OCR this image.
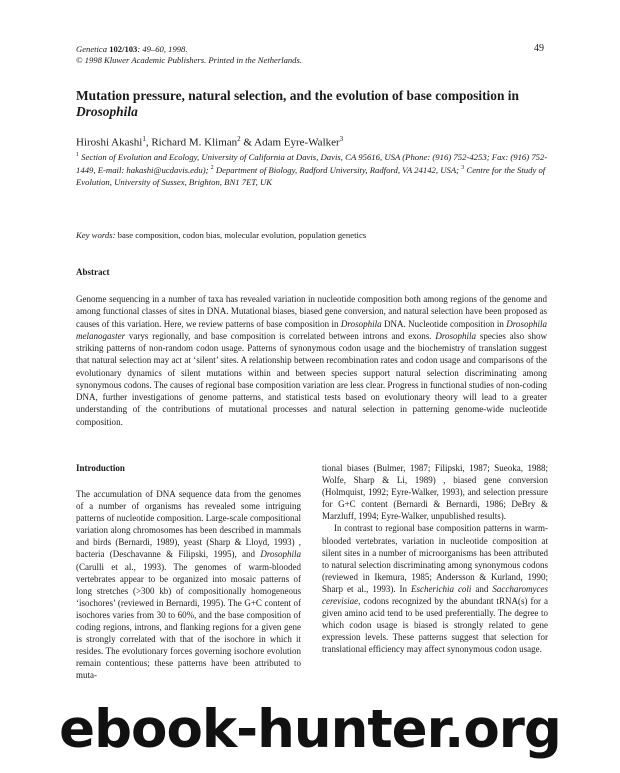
Genetica 102/103: 49–60, 1998.
© 1998 Kluwer Academic Publishers. Printed in the Netherlands.
49
Mutation pressure, natural selection, and the evolution of base composition in Drosophila
Hiroshi Akashi$^1$, Richard M. Kliman$^2$ & Adam Eyre-Walker$^3$
$^1$ Section of Evolution and Ecology, University of California at Davis, Davis, CA 95616, USA (Phone: (916) 752-4253; Fax: (916) 752-1449, E-mail: hakashi@ucdavis.edu); $^2$ Department of Biology, Radford University, Radford, VA 24142, USA; $^3$ Centre for the Study of Evolution, University of Sussex, Brighton, BN1 7ET, UK
Key words: base composition, codon bias, molecular evolution, population genetics
Abstract

Genome sequencing in a number of taxa has revealed variation in nucleotide composition both among regions of the genome and among functional classes of sites in DNA. Mutational biases, biased gene conversion, and natural selection have been proposed as causes of this variation. Here, we review patterns of base composition in Drosophila DNA. Nucleotide composition in Drosophila melanogaster varys regionally, and base composition is correlated between introns and exons. Drosophila species also show striking patterns of non-random codon usage. Patterns of synonymous codon usage and the biochemistry of translation suggest that natural selection may act at ‘silent’ sites. A relationship between recombination rates and codon usage and comparisons of the evolutionary dynamics of silent mutations within and between species support natural selection discriminating among synonymous codons. The causes of regional base composition variation are less clear. Progress in functional studies of non-coding DNA, further investigations of genome patterns, and statistical tests based on evolutionary theory will lead to a greater understanding of the contributions of mutational processes and natural selection in patterning genome-wide nucleotide composition.

Introduction

The accumulation of DNA sequence data from the genomes of a number of organisms has revealed some intriguing patterns of nucleotide composition. Large-scale compositional variation along chromosomes has been described in mammals and birds (Bernardi, 1989), yeast (Sharp & Lloyd, 1993) , bacteria (Deschavanne & Filipski, 1995), and Drosophila (Carulli et al., 1993). The genomes of warm-blooded vertebrates appear to be organized into mosaic patterns of long stretches (>300 kb) of compositionally homogeneous ‘isochores’ (reviewed in Bernardi, 1995). The G+C content of isochores varies from 30 to 60%, and the base composition of coding regions, introns, and flanking regions for a given gene is strongly correlated with that of the isochore in which it resides. The evolutionary forces governing isochore evolution remain contentious; these patterns have been attributed to muta-

tional biases (Bulmer, 1987; Filipski, 1987; Sueoka, 1988; Wolfe, Sharp & Li, 1989) , biased gene conversion (Holmquist, 1992; Eyre-Walker, 1993), and selection pressure for G+C content (Bernardi & Bernardi, 1986; DeBry & Marzluff, 1994; Eyre-Walker, unpublished results).

In contrast to regional base composition patterns in warm-blooded vertebrates, variation in nucleotide composition at silent sites in a number of microorganisms has been attributed to natural selection discriminating among synonymous codons (reviewed in Ikemura, 1985; Andersson & Kurland, 1990; Sharp et al., 1993). In Escherichia coli and Saccharomyces cerevisiae, codons recognized by the abundant tRNA(s) for a given amino acid tend to be used preferentially. The degree to which codon usage is biased is strongly related to gene expression levels. These patterns suggest that selection for translational efficiency may affect synonymous codon usage.

ebook-hunter.org
